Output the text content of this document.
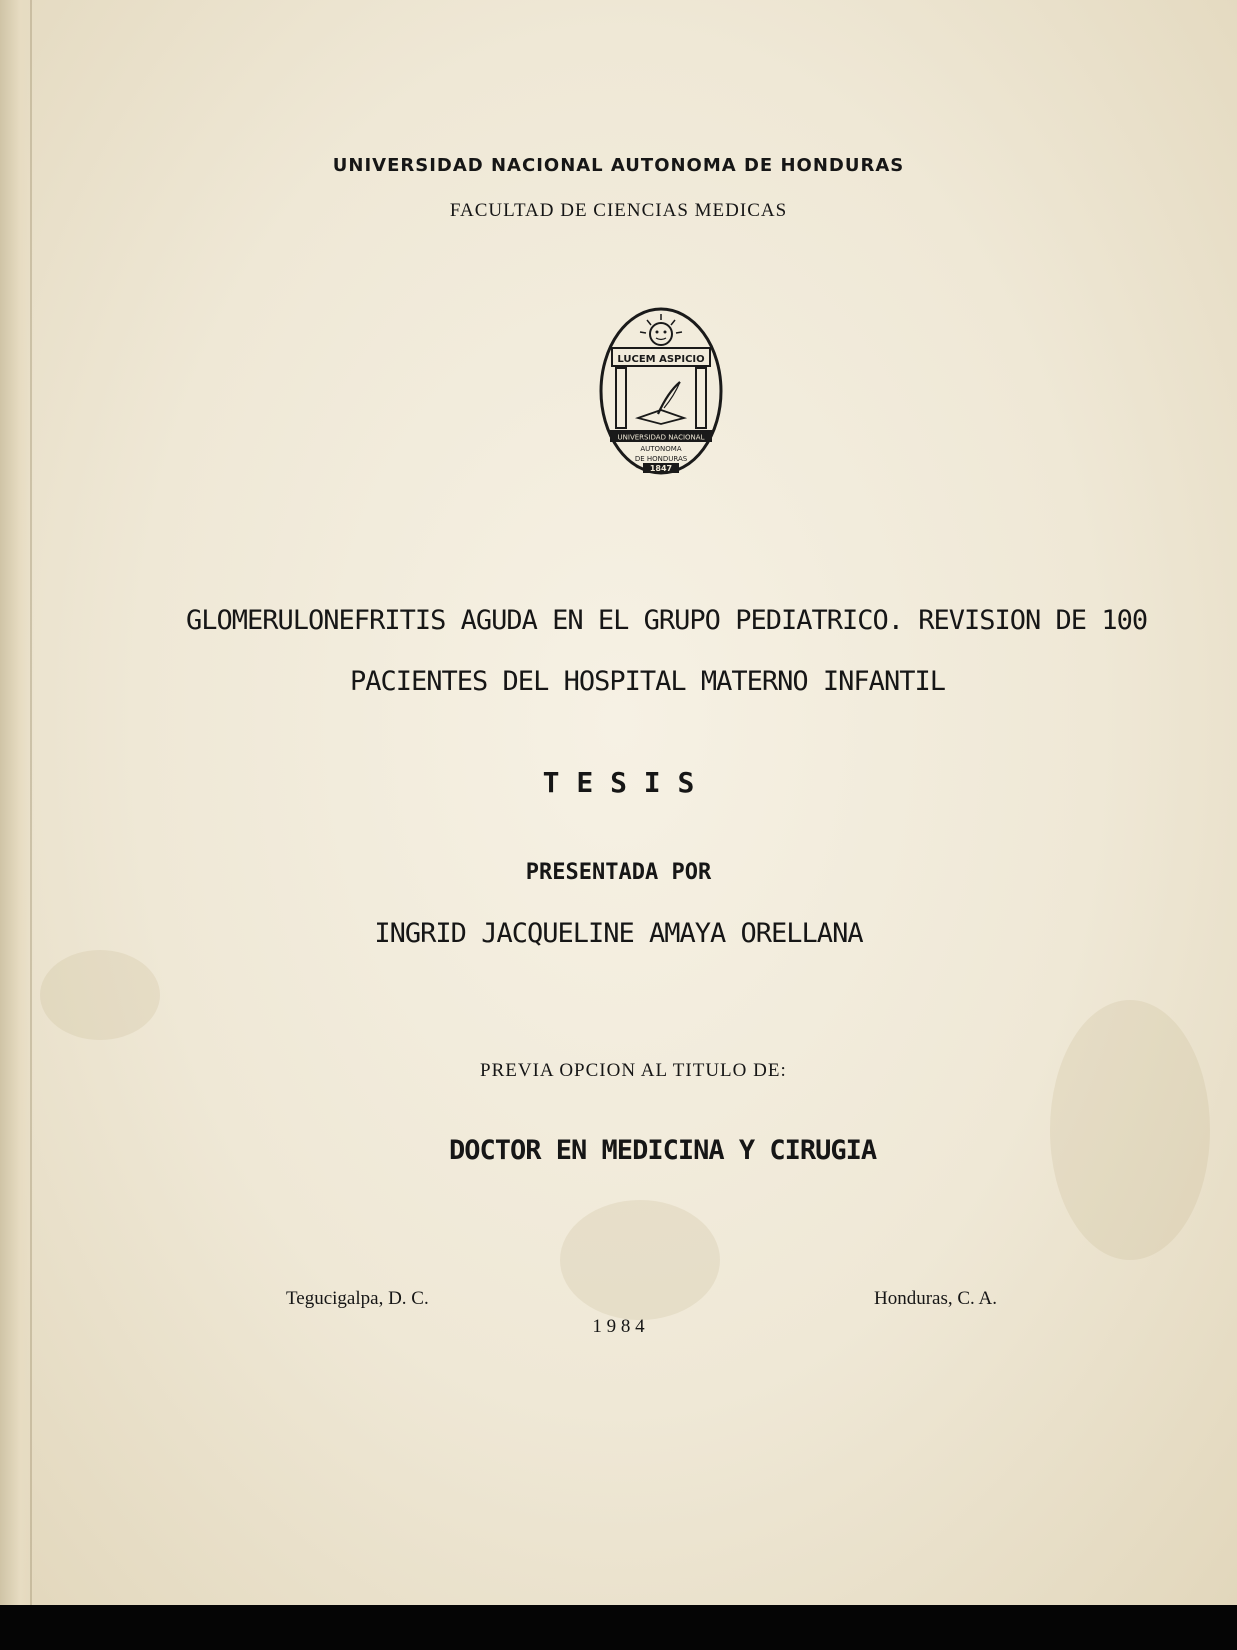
UNIVERSIDAD NACIONAL AUTONOMA DE HONDURAS
FACULTAD DE CIENCIAS MEDICAS
LUCEM ASPICIO
UNIVERSIDAD NACIONAL
AUTONOMA
DE HONDURAS
1847
GLOMERULONEFRITIS AGUDA EN EL GRUPO PEDIATRICO. REVISION DE 100
PACIENTES DEL HOSPITAL MATERNO INFANTIL
T E S I S
PRESENTADA POR
INGRID JACQUELINE AMAYA ORELLANA
PREVIA OPCION AL TITULO DE:
DOCTOR EN MEDICINA Y CIRUGIA
Tegucigalpa, D. C.	Honduras, C. A.
1 9 8 4
